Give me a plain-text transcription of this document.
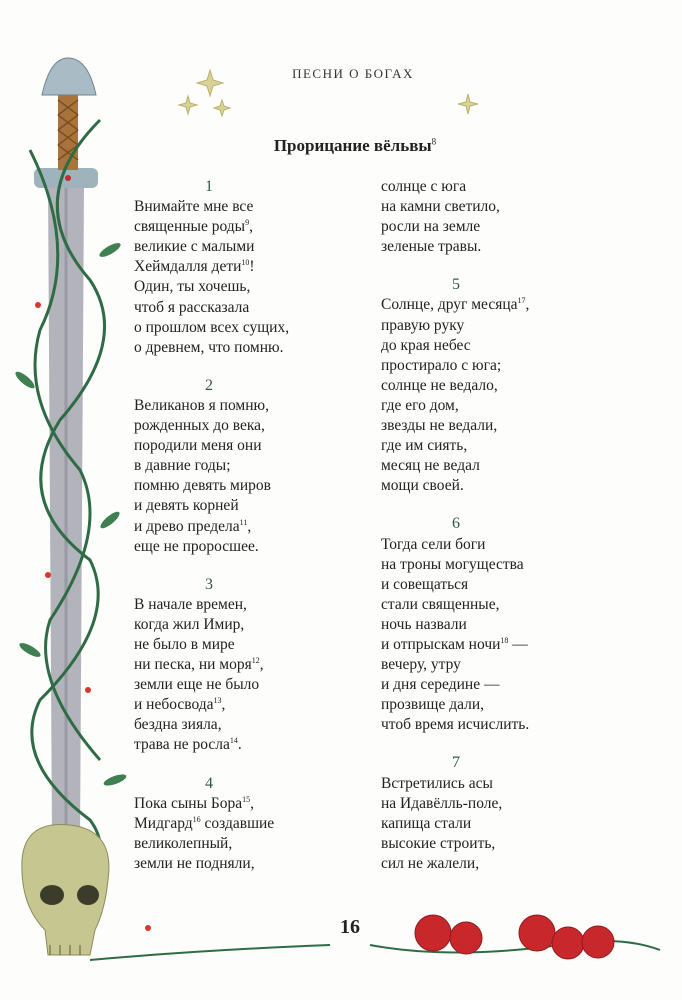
ПЕСНИ О БОГАХ
Прорицание вёльвы$^8$
1
Внимайте мне все
священные роды$^9$,
великие с малыми
Хеймдалля дети$^{10}$!
Один, ты хочешь,
чтоб я рассказала
о прошлом всех сущих,
о древнем, что помню.
2
Великанов я помню,
рожденных до века,
породили меня они
в давние годы;
помню девять миров
и девять корней
и древо предела$^{11}$,
еще не проросшее.
3
В начале времен,
когда жил Имир,
не было в мире
ни песка, ни моря$^{12}$,
земли еще не было
и небосвода$^{13}$,
бездна зияла,
трава не росла$^{14}$.
4
Пока сыны Бора$^{15}$,
Мидгард$^{16}$ создавшие
великолепный,
земли не подняли,
солнце с юга
на камни светило,
росли на земле
зеленые травы.
5
Солнце, друг месяца$^{17}$,
правую руку
до края небес
простирало с юга;
солнце не ведало,
где его дом,
звезды не ведали,
где им сиять,
месяц не ведал
мощи своей.
6
Тогда сели боги
на троны могущества
и совещаться
стали священные,
ночь назвали
и отпрыскам ночи$^{18}$ —
вечеру, утру
и дня середине —
прозвище дали,
чтоб время исчислить.
7
Встретились асы
на Идавёлль-поле,
капища стали
высокие строить,
сил не жалели,
16
